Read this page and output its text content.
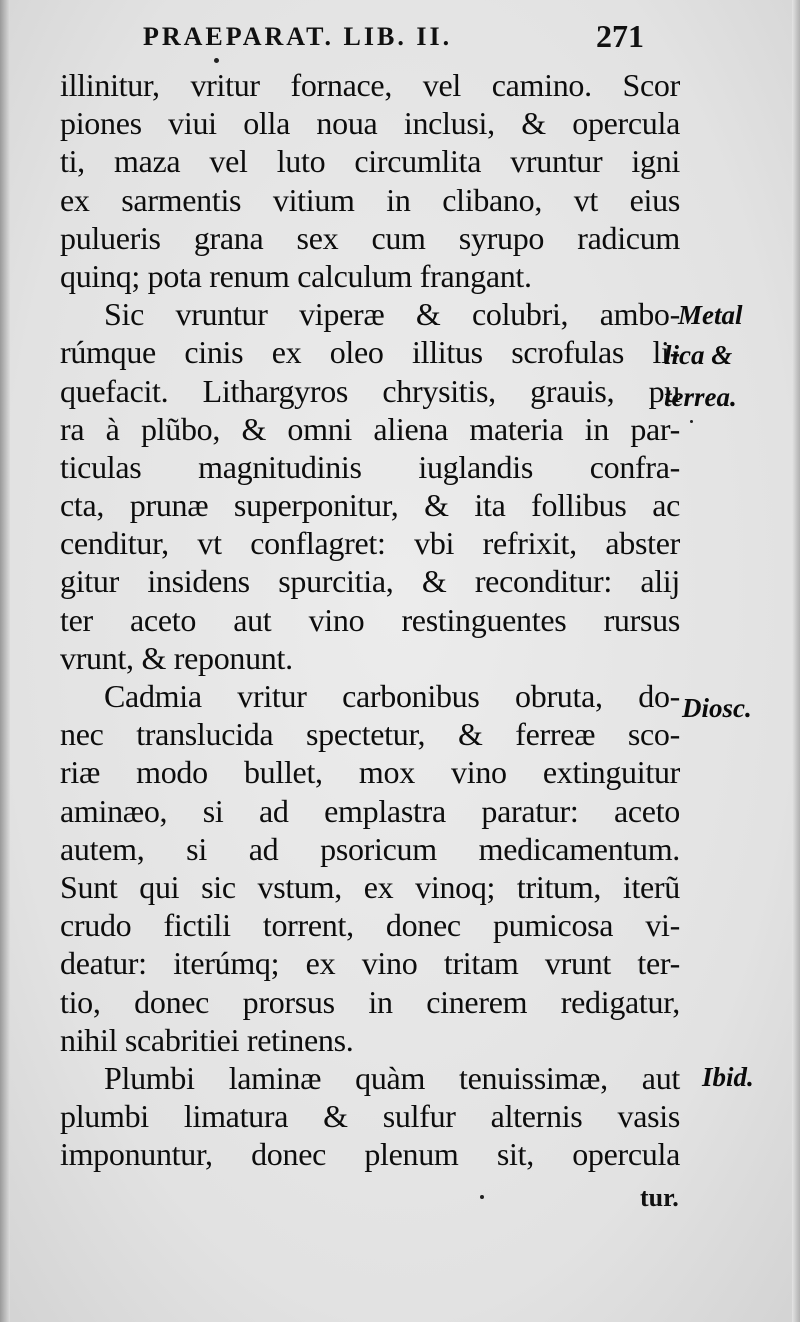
PRAEPARAT. LIB. II.	271
illinitur, vritur fornace, vel camino. Scor
piones viui olla noua inclusi, & opercula
ti, maza vel luto circumlita vruntur igni
ex sarmentis vitium in clibano, vt eius
pulueris grana sex cum syrupo radicum
quinq; pota renum calculum frangant.
Sic vruntur viperæ & colubri, ambo-
rúmque cinis ex oleo illitus scrofulas li-
quefacit. Lithargyros chrysitis, grauis, pu
ra à plũbo, & omni aliena materia in par-
ticulas magnitudinis iuglandis confra-
cta, prunæ superponitur, & ita follibus ac
cenditur, vt conflagret: vbi refrixit, abster
gitur insidens spurcitia, & reconditur: alij
ter aceto aut vino restinguentes rursus
vrunt, & reponunt.
Cadmia vritur carbonibus obruta, do-
nec translucida spectetur, & ferreæ sco-
riæ modo bullet, mox vino extinguitur
aminæo, si ad emplastra paratur: aceto
autem, si ad psoricum medicamentum.
Sunt qui sic vstum, ex vinoq; tritum, iterũ
crudo fictili torrent, donec pumicosa vi-
deatur: iterúmq; ex vino tritam vrunt ter-
tio, donec prorsus in cinerem redigatur,
nihil scabritiei retinens.
Plumbi laminæ quàm tenuissimæ, aut
plumbi limatura & sulfur alternis vasis
imponuntur, donec plenum sit, opercula
Metal
lica &
terrea.
Diosc.
Ibid.
tur.
